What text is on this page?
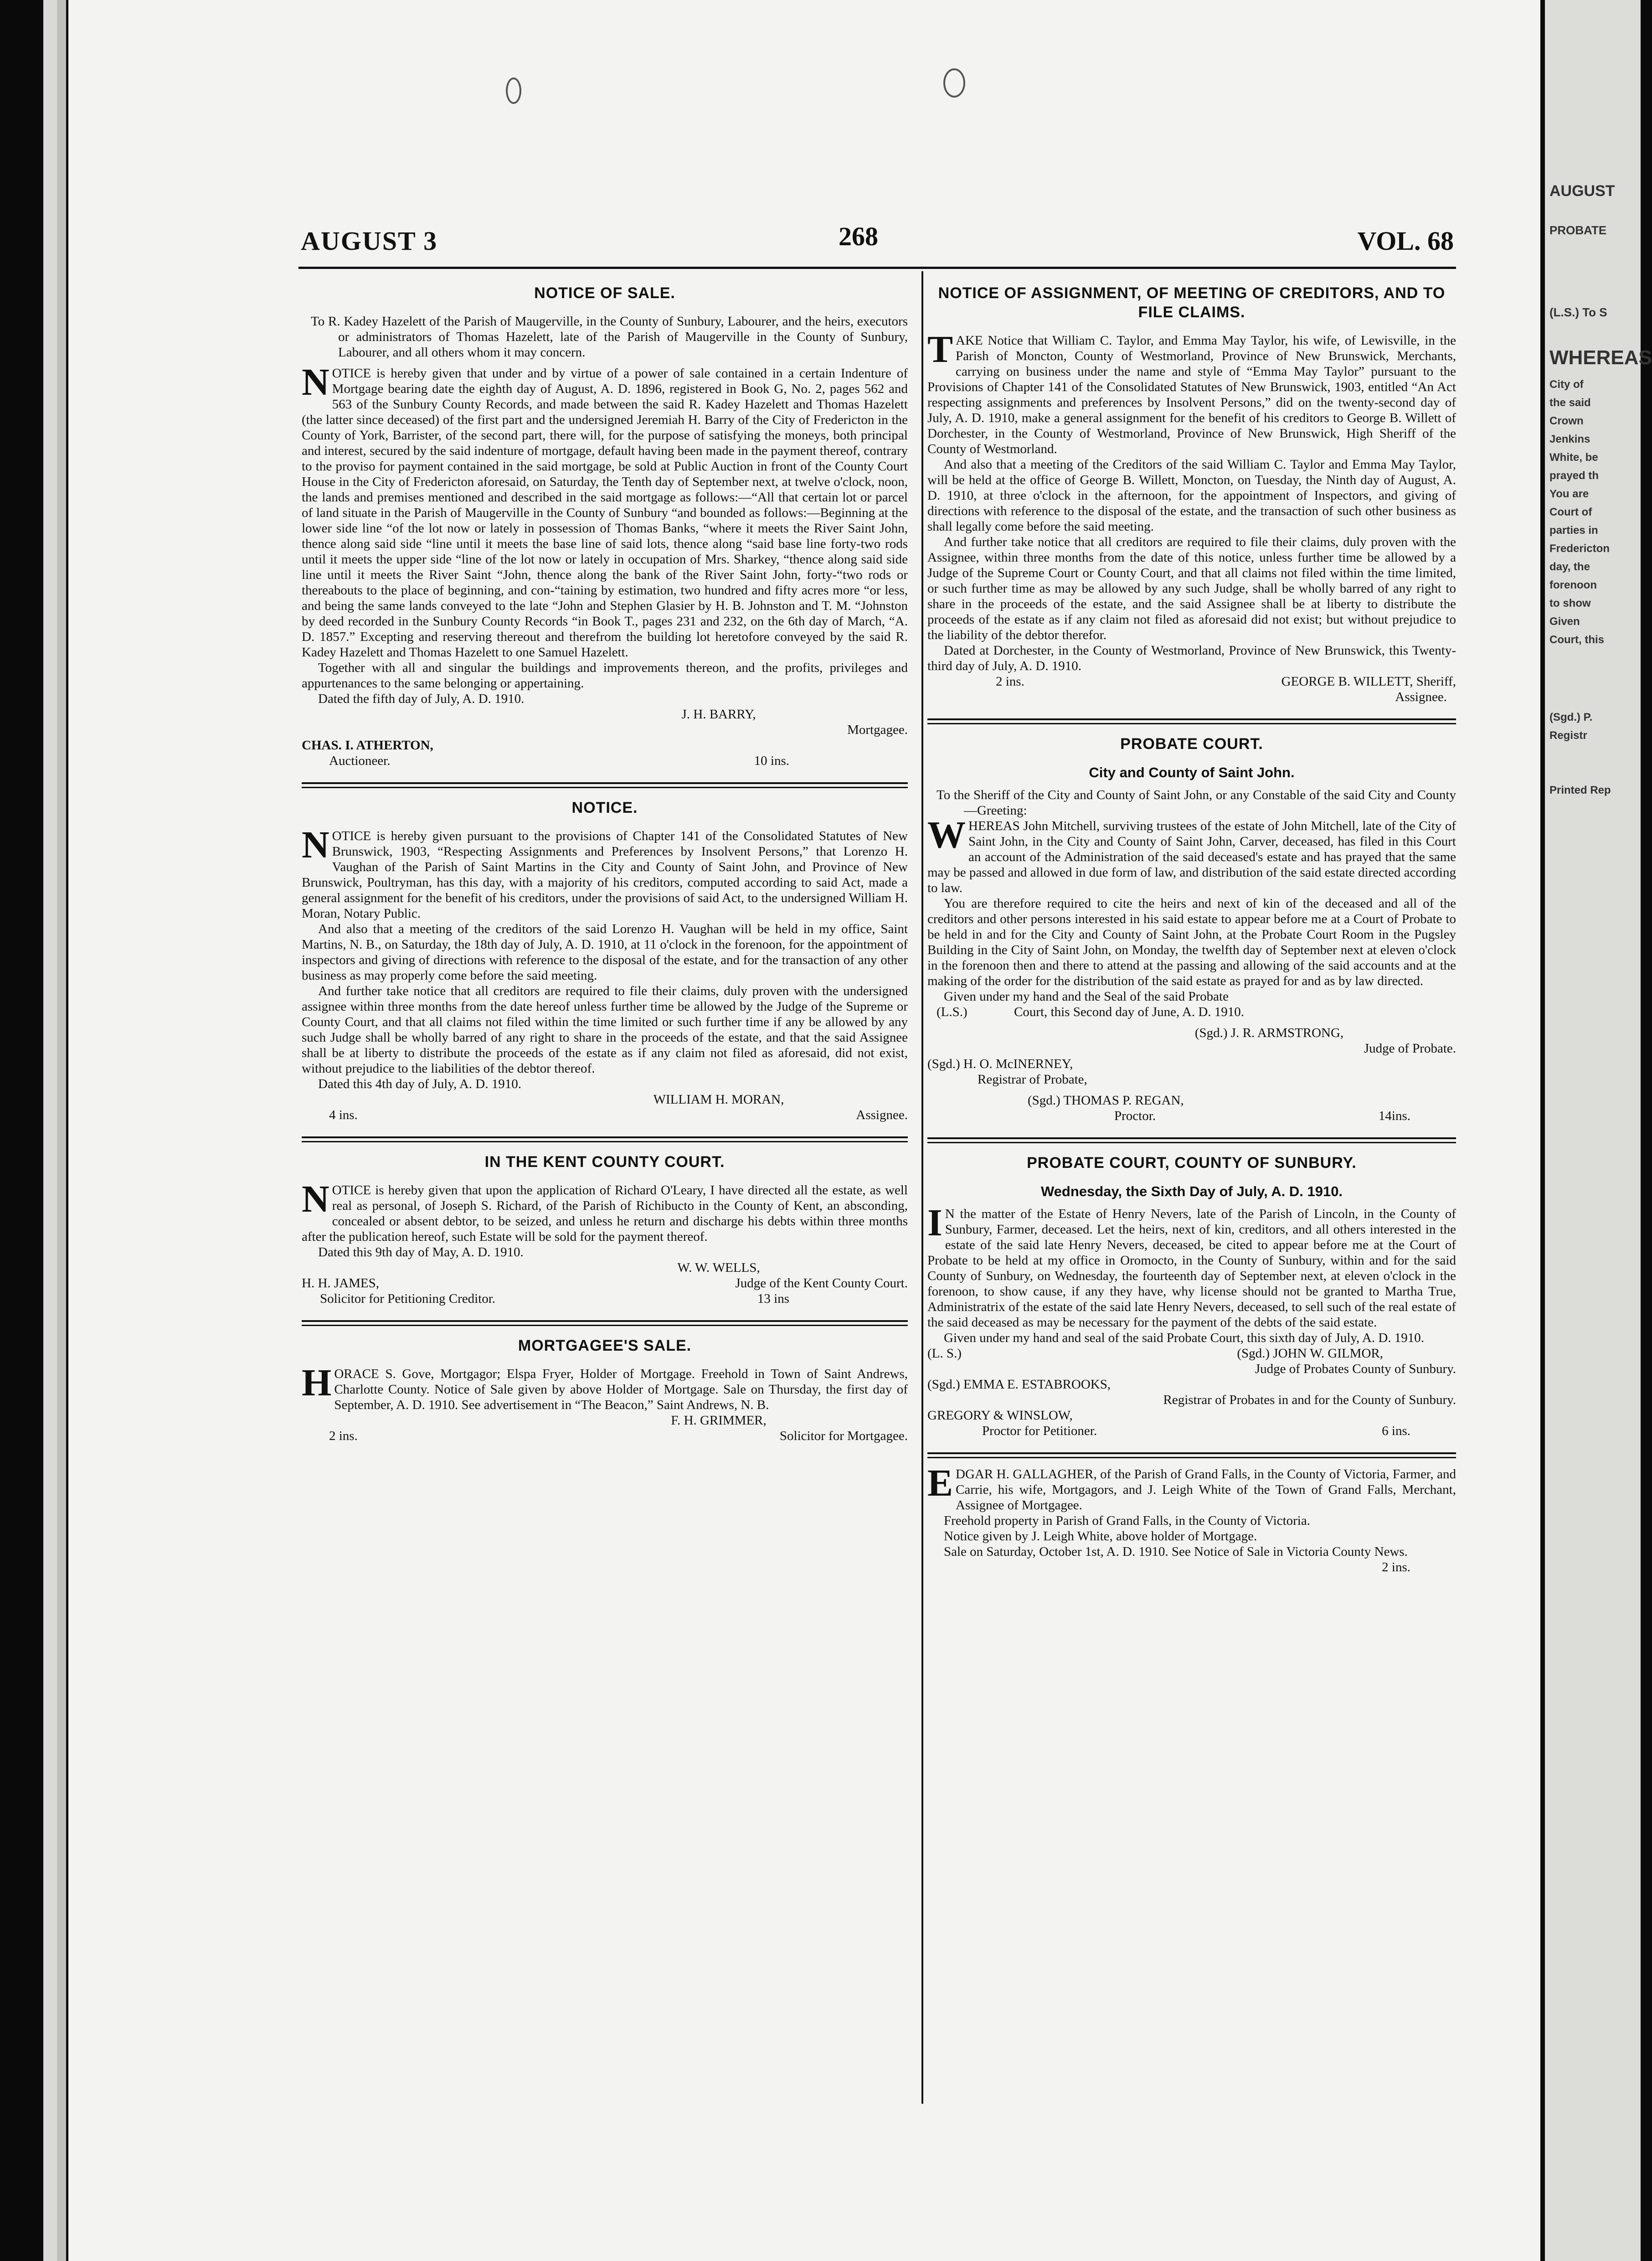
AUGUST 3	268	VOL. 68
NOTICE OF SALE.

To R. Kadey Hazelett of the Parish of Maugerville, in the County of Sunbury, Labourer, and the heirs, executors or administrators of Thomas Hazelett, late of the Parish of Maugerville in the County of Sunbury, Labourer, and all others whom it may concern.

NOTICE is hereby given that under and by virtue of a power of sale contained in a certain Indenture of Mortgage bearing date the eighth day of August, A. D. 1896, registered in Book G, No. 2, pages 562 and 563 of the Sunbury County Records, and made between the said R. Kadey Hazelett and Thomas Hazelett (the latter since deceased) of the first part and the undersigned Jeremiah H. Barry of the City of Fredericton in the County of York, Barrister, of the second part, there will, for the purpose of satisfying the moneys, both principal and interest, secured by the said indenture of mortgage, default having been made in the payment thereof, contrary to the proviso for payment contained in the said mortgage, be sold at Public Auction in front of the County Court House in the City of Fredericton aforesaid, on Saturday, the Tenth day of September next, at twelve o'clock, noon, the lands and premises mentioned and described in the said mortgage as follows:—“All that certain lot or parcel of land situate in the Parish of Maugerville in the County of Sunbury “and bounded as follows:—Beginning at the lower side line “of the lot now or lately in possession of Thomas Banks, “where it meets the River Saint John, thence along said side “line until it meets the base line of said lots, thence along “said base line forty-two rods until it meets the upper side “line of the lot now or lately in occupation of Mrs. Sharkey, “thence along said side line until it meets the River Saint “John, thence along the bank of the River Saint John, forty-“two rods or thereabouts to the place of beginning, and con-“taining by estimation, two hundred and fifty acres more “or less, and being the same lands conveyed to the late “John and Stephen Glasier by H. B. Johnston and T. M. “Johnston by deed recorded in the Sunbury County Records “in Book T., pages 231 and 232, on the 6th day of March, “A. D. 1857.” Excepting and reserving thereout and therefrom the building lot heretofore conveyed by the said R. Kadey Hazelett and Thomas Hazelett to one Samuel Hazelett.

Together with all and singular the buildings and improvements thereon, and the profits, privileges and appurtenances to the same belonging or appertaining.

Dated the fifth day of July, A. D. 1910.

J. H. BARRY,
Mortgagee.
CHAS. I. ATHERTON,
Auctioneer.	10 ins.
NOTICE.

NOTICE is hereby given pursuant to the provisions of Chapter 141 of the Consolidated Statutes of New Brunswick, 1903, “Respecting Assignments and Preferences by Insolvent Persons,” that Lorenzo H. Vaughan of the Parish of Saint Martins in the City and County of Saint John, and Province of New Brunswick, Poultryman, has this day, with a majority of his creditors, computed according to said Act, made a general assignment for the benefit of his creditors, under the provisions of said Act, to the undersigned William H. Moran, Notary Public.

And also that a meeting of the creditors of the said Lorenzo H. Vaughan will be held in my office, Saint Martins, N. B., on Saturday, the 18th day of July, A. D. 1910, at 11 o'clock in the forenoon, for the appointment of inspectors and giving of directions with reference to the disposal of the estate, and for the transaction of any other business as may properly come before the said meeting.

And further take notice that all creditors are required to file their claims, duly proven with the undersigned assignee within three months from the date hereof unless further time be allowed by the Judge of the Supreme or County Court, and that all claims not filed within the time limited or such further time if any be allowed by any such Judge shall be wholly barred of any right to share in the proceeds of the estate, and that the said Assignee shall be at liberty to distribute the proceeds of the estate as if any claim not filed as aforesaid, did not exist, without prejudice to the liabilities of the debtor thereof.

Dated this 4th day of July, A. D. 1910.

WILLIAM H. MORAN,
4 ins.	Assignee.
IN THE KENT COUNTY COURT.

NOTICE is hereby given that upon the application of Richard O'Leary, I have directed all the estate, as well real as personal, of Joseph S. Richard, of the Parish of Richibucto in the County of Kent, an absconding, concealed or absent debtor, to be seized, and unless he return and discharge his debts within three months after the publication hereof, such Estate will be sold for the payment thereof.

Dated this 9th day of May, A. D. 1910.

W. W. WELLS,
H. H. JAMES,	Judge of the Kent County Court.
Solicitor for Petitioning Creditor.	13 ins
MORTGAGEE'S SALE.

HORACE S. Gove, Mortgagor; Elspa Fryer, Holder of Mortgage. Freehold in Town of Saint Andrews, Charlotte County. Notice of Sale given by above Holder of Mortgage. Sale on Thursday, the first day of September, A. D. 1910. See advertisement in “The Beacon,” Saint Andrews, N. B.

F. H. GRIMMER,
2 ins.	Solicitor for Mortgagee.
NOTICE OF ASSIGNMENT, OF MEETING OF CREDITORS, AND TO FILE CLAIMS.

TAKE Notice that William C. Taylor, and Emma May Taylor, his wife, of Lewisville, in the Parish of Moncton, County of Westmorland, Province of New Brunswick, Merchants, carrying on business under the name and style of “Emma May Taylor” pursuant to the Provisions of Chapter 141 of the Consolidated Statutes of New Brunswick, 1903, entitled “An Act respecting assignments and preferences by Insolvent Persons,” did on the twenty-second day of July, A. D. 1910, make a general assignment for the benefit of his creditors to George B. Willett of Dorchester, in the County of Westmorland, Province of New Brunswick, High Sheriff of the County of Westmorland.

And also that a meeting of the Creditors of the said William C. Taylor and Emma May Taylor, will be held at the office of George B. Willett, Moncton, on Tuesday, the Ninth day of August, A. D. 1910, at three o'clock in the afternoon, for the appointment of Inspectors, and giving of directions with reference to the disposal of the estate, and the transaction of such other business as shall legally come before the said meeting.

And further take notice that all creditors are required to file their claims, duly proven with the Assignee, within three months from the date of this notice, unless further time be allowed by a Judge of the Supreme Court or County Court, and that all claims not filed within the time limited, or such further time as may be allowed by any such Judge, shall be wholly barred of any right to share in the proceeds of the estate, and the said Assignee shall be at liberty to distribute the proceeds of the estate as if any claim not filed as aforesaid did not exist; but without prejudice to the liability of the debtor therefor.

Dated at Dorchester, in the County of Westmorland, Province of New Brunswick, this Twenty-third day of July, A. D. 1910.

2 ins.	GEORGE B. WILLETT, Sheriff,
Assignee.
PROBATE COURT.
City and County of Saint John.

To the Sheriff of the City and County of Saint John, or any Constable of the said City and County—Greeting:

WHEREAS John Mitchell, surviving trustees of the estate of John Mitchell, late of the City of Saint John, in the City and County of Saint John, Carver, deceased, has filed in this Court an account of the Administration of the said deceased's estate and has prayed that the same may be passed and allowed in due form of law, and distribution of the said estate directed according to law.

You are therefore required to cite the heirs and next of kin of the deceased and all of the creditors and other persons interested in his said estate to appear before me at a Court of Probate to be held in and for the City and County of Saint John, at the Probate Court Room in the Pugsley Building in the City of Saint John, on Monday, the twelfth day of September next at eleven o'clock in the forenoon then and there to attend at the passing and allowing of the said accounts and at the making of the order for the distribution of the said estate as prayed for and as by law directed.

Given under my hand and the Seal of the said Probate

(L.S.)	Court, this Second day of June, A. D. 1910.
(Sgd.) J. R. ARMSTRONG,
Judge of Probate.
(Sgd.) H. O. McINERNEY,
Registrar of Probate,
(Sgd.) THOMAS P. REGAN,
Proctor.	14ins.
PROBATE COURT, COUNTY OF SUNBURY.
Wednesday, the Sixth Day of July, A. D. 1910.

I N the matter of the Estate of Henry Nevers, late of the Parish of Lincoln, in the County of Sunbury, Farmer, deceased. Let the heirs, next of kin, creditors, and all others interested in the estate of the said late Henry Nevers, deceased, be cited to appear before me at the Court of Probate to be held at my office in Oromocto, in the County of Sunbury, within and for the said County of Sunbury, on Wednesday, the fourteenth day of September next, at eleven o'clock in the forenoon, to show cause, if any they have, why license should not be granted to Martha True, Administratrix of the estate of the said late Henry Nevers, deceased, to sell such of the real estate of the said deceased as may be necessary for the payment of the debts of the said estate.

Given under my hand and seal of the said Probate Court, this sixth day of July, A. D. 1910.

(L. S.)	(Sgd.) JOHN W. GILMOR,
Judge of Probates County of Sunbury.
(Sgd.) EMMA E. ESTABROOKS,
Registrar of Probates in and for the County of Sunbury.
GREGORY & WINSLOW,
Proctor for Petitioner.	6 ins.

EDGAR H. GALLAGHER, of the Parish of Grand Falls, in the County of Victoria, Farmer, and Carrie, his wife, Mortgagors, and J. Leigh White of the Town of Grand Falls, Merchant, Assignee of Mortgagee.

Freehold property in Parish of Grand Falls, in the County of Victoria.

Notice given by J. Leigh White, above holder of Mortgage.

Sale on Saturday, October 1st, A. D. 1910. See Notice of Sale in Victoria County News.

2 ins.
AUGUST
PROBATE
(L.S.) To S
WHEREAS
City of
the said
Crown
Jenkins
White, be
prayed th
You are
Court of
parties in
Fredericton
day, the
forenoon
to show
Given
Court, this
(Sgd.) P.
Registr
Printed Rep
